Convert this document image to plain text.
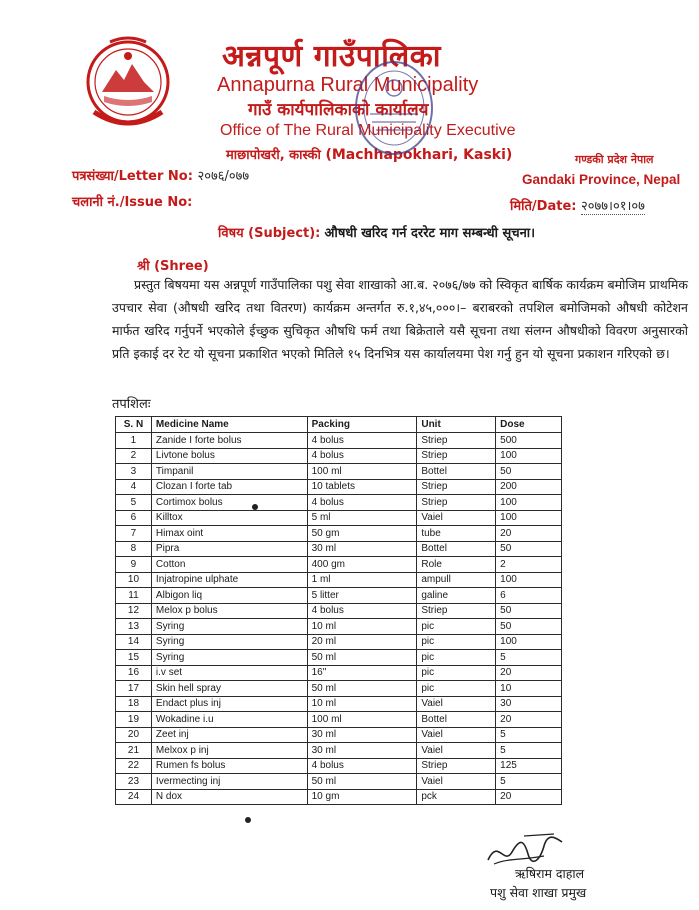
अन्नपूर्ण गाउँपालिका
Annapurna Rural Municipality
गाउँ कार्यपालिकाको कार्यालय
Office of The Rural Municipality Executive
माछापोखरी, कास्की (Machhapokhari, Kaski)	गण्डकी प्रदेश नेपाल
Gandaki Province, Nepal
पत्रसंख्या/Letter No: २०७६/०७७
चलानी नं./Issue No:	मिति/Date: २०७७।०१।०७
विषय (Subject): औषधी खरिद गर्न दररेट माग सम्बन्धी सूचना।
श्री (Shree)
प्रस्तुत बिषयमा यस अन्नपूर्ण गाउँपालिका पशु सेवा शाखाको आ.ब. २०७६/७७ को स्विकृत बार्षिक कार्यक्रम बमोजिम प्राथमिक उपचार सेवा (औषधी खरिद तथा वितरण) कार्यक्रम अन्तर्गत रु.१,४५,०००।– बराबरको तपशिल बमोजिमको औषधी कोटेशन मार्फत खरिद गर्नुपर्ने भएकोले ईच्छुक सुचिकृत औषधि फर्म तथा बिक्रेताले यसै सूचना तथा संलग्न औषधीको विवरण अनुसारको प्रति इकाई दर रेट यो सूचना प्रकाशित भएको मितिले १५ दिनभित्र यस कार्यालयमा पेश गर्नु हुन यो सूचना प्रकाशन गरिएको छ।
तपशिलः
S. N	Medicine Name	Packing	Unit	Dose
1	Zanide I forte bolus	4 bolus	Striep	500
2	Livtone bolus	4 bolus	Striep	100
3	Timpanil	100 ml	Bottel	50
4	Clozan I forte tab	10 tablets	Striep	200
5	Cortimox bolus	4 bolus	Striep	100
6	Killtox	5 ml	Vaiel	100
7	Himax oint	50 gm	tube	20
8	Pipra	30 ml	Bottel	50
9	Cotton	400 gm	Role	2
10	Injatropine ulphate	1 ml	ampull	100
11	Albigon liq	5 litter	galine	6
12	Melox p bolus	4 bolus	Striep	50
13	Syring	10 ml	pic	50
14	Syring	20 ml	pic	100
15	Syring	50 ml	pic	5
16	i.v set	16"	pic	20
17	Skin hell spray	50 ml	pic	10
18	Endact plus inj	10 ml	Vaiel	30
19	Wokadine i.u	100 ml	Bottel	20
20	Zeet inj	30 ml	Vaiel	5
21	Melxox p inj	30 ml	Vaiel	5
22	Rumen fs bolus	4 bolus	Striep	125
23	Ivermecting inj	50 ml	Vaiel	5
24	N dox	10 gm	pck	20
ऋषिराम दाहाल
पशु सेवा शाखा प्रमुख
